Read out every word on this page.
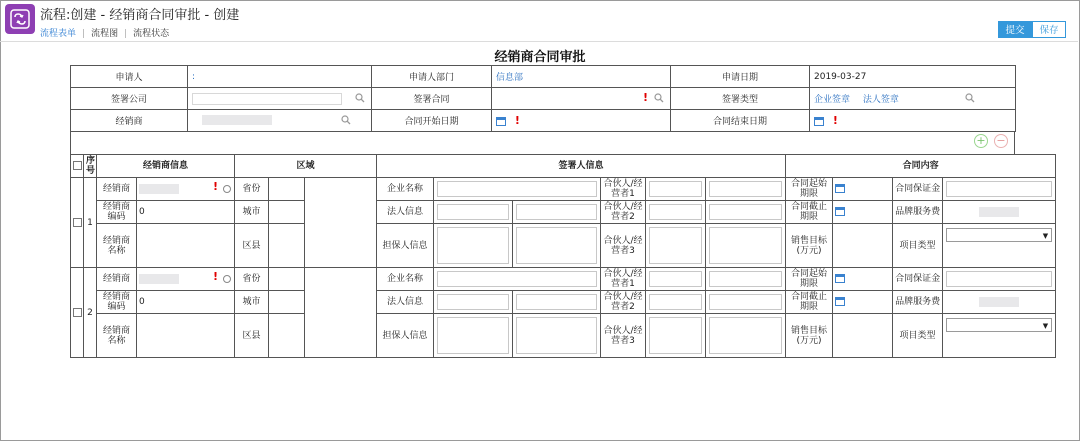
流程:创建 - 经销商合同审批 - 创建
流程表单 | 流程图 | 流程状态	提交	保存
经销商合同审批
申请人	:	申请人部门	信息部	申请日期	2019-03-27
签署公司		签署合同	!	签署类型	企业签章 法人签章

经销商		合同开始日期	!	合同结束日期	!
+ −
	序号	经销商信息		区域			签署人信息						合同内容			
	1	经销商	!	省份			企业名称			合伙人/经营者1			合同起始期限		合同保证金	

		经销商编码	0	城市			法人信息			合伙人/经营者2			合同截止期限		品牌服务费	
		经销商名称		区县			担保人信息			合伙人/经营者3			销售目标(万元)		项目类型	▼

	2	经销商	!	省份			企业名称			合伙人/经营者1			合同起始期限		合同保证金	

		经销商编码	0	城市			法人信息			合伙人/经营者2			合同截止期限		品牌服务费	
		经销商名称		区县			担保人信息			合伙人/经营者3			销售目标(万元)		项目类型	▼
